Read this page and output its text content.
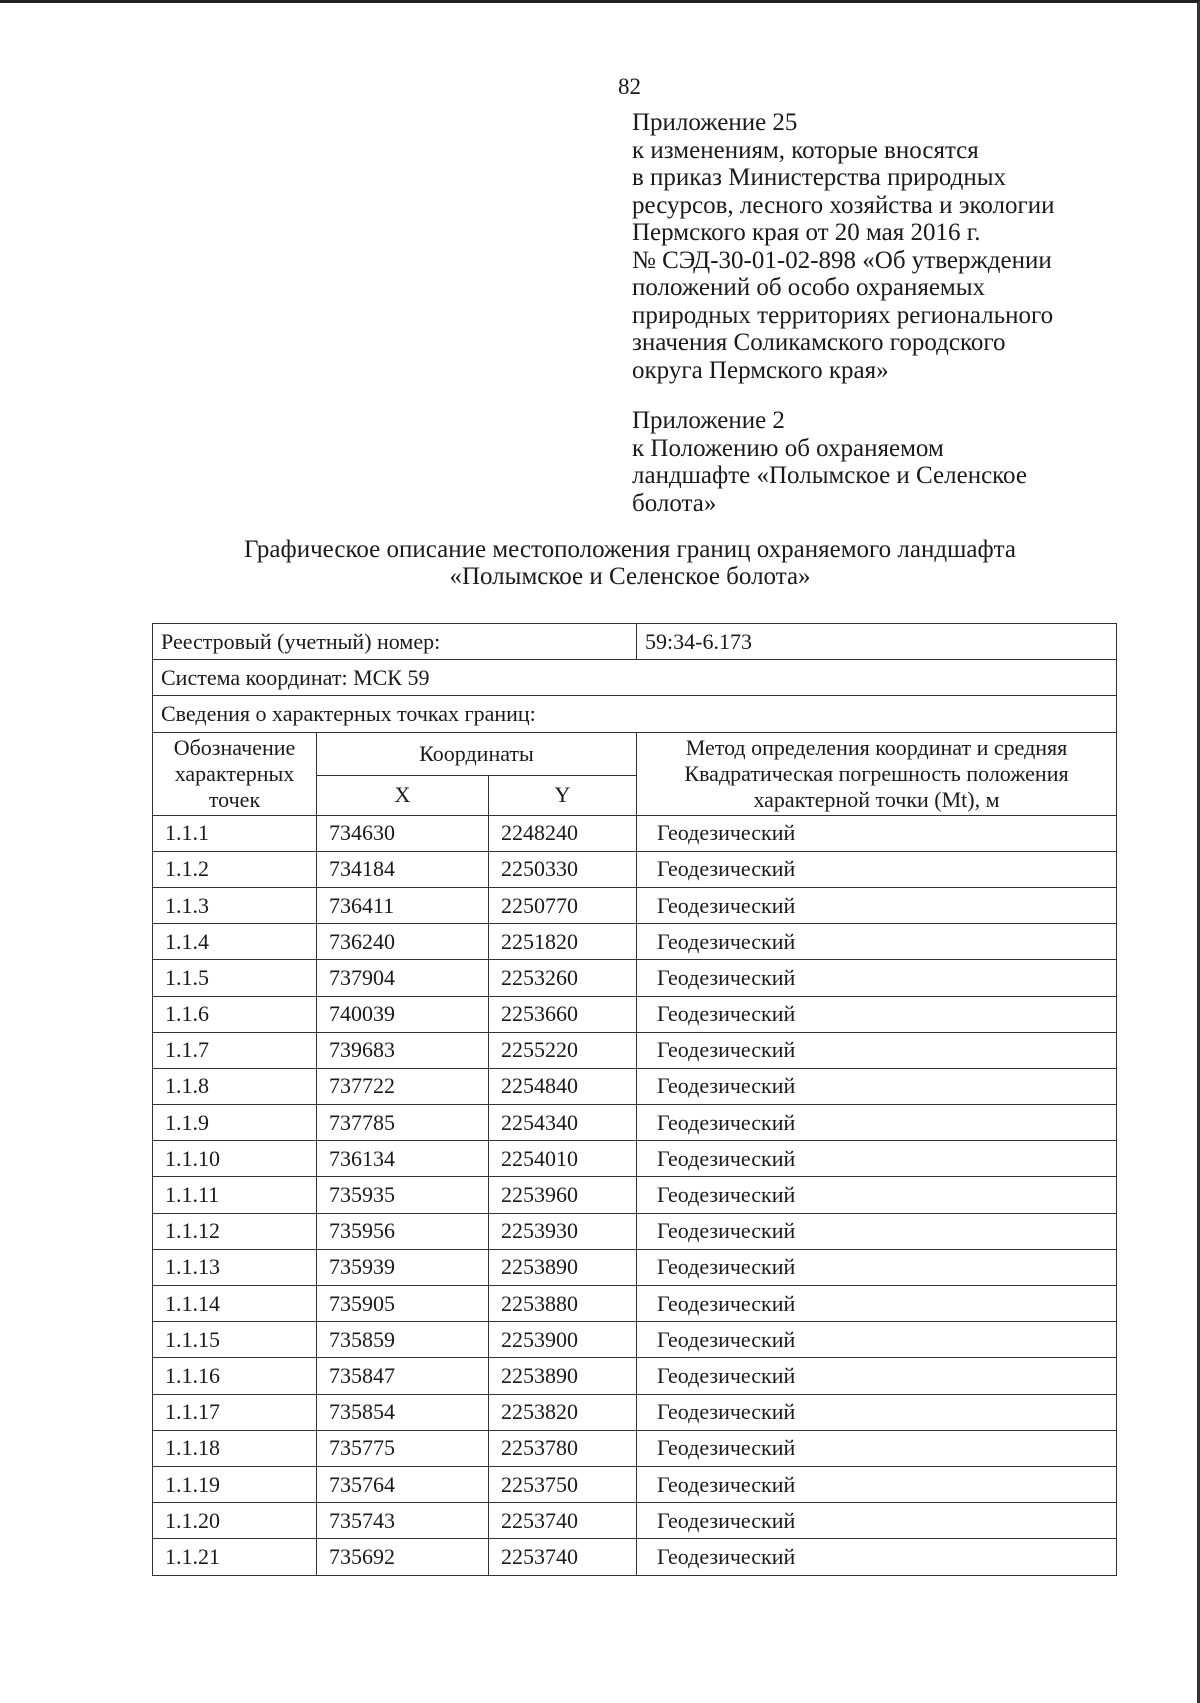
82
Приложение 25
к изменениям, которые вносятся
в приказ Министерства природных
ресурсов, лесного хозяйства и экологии
Пермского края от 20 мая 2016 г.
№ СЭД-30-01-02-898 «Об утверждении
положений об особо охраняемых
природных территориях регионального
значения Соликамского городского
округа Пермского края»
Приложение 2
к Положению об охраняемом
ландшафте «Полымское и Селенское
болота»
Графическое описание местоположения границ охраняемого ландшафта
«Полымское и Селенское болота»
Реестровый (учетный) номер:			59:34-6.173
Система координат: МСК 59			
Сведения о характерных точках границ:			
Обозначение характерных точек	Координаты		Метод определения координат и средняя Квадратическая погрешность положения характерной точки (Mt), м
	X	Y	
1.1.1	734630	2248240	Геодезический
1.1.2	734184	2250330	Геодезический
1.1.3	736411	2250770	Геодезический
1.1.4	736240	2251820	Геодезический
1.1.5	737904	2253260	Геодезический
1.1.6	740039	2253660	Геодезический
1.1.7	739683	2255220	Геодезический
1.1.8	737722	2254840	Геодезический
1.1.9	737785	2254340	Геодезический
1.1.10	736134	2254010	Геодезический
1.1.11	735935	2253960	Геодезический
1.1.12	735956	2253930	Геодезический
1.1.13	735939	2253890	Геодезический
1.1.14	735905	2253880	Геодезический
1.1.15	735859	2253900	Геодезический
1.1.16	735847	2253890	Геодезический
1.1.17	735854	2253820	Геодезический
1.1.18	735775	2253780	Геодезический
1.1.19	735764	2253750	Геодезический
1.1.20	735743	2253740	Геодезический
1.1.21	735692	2253740	Геодезический
